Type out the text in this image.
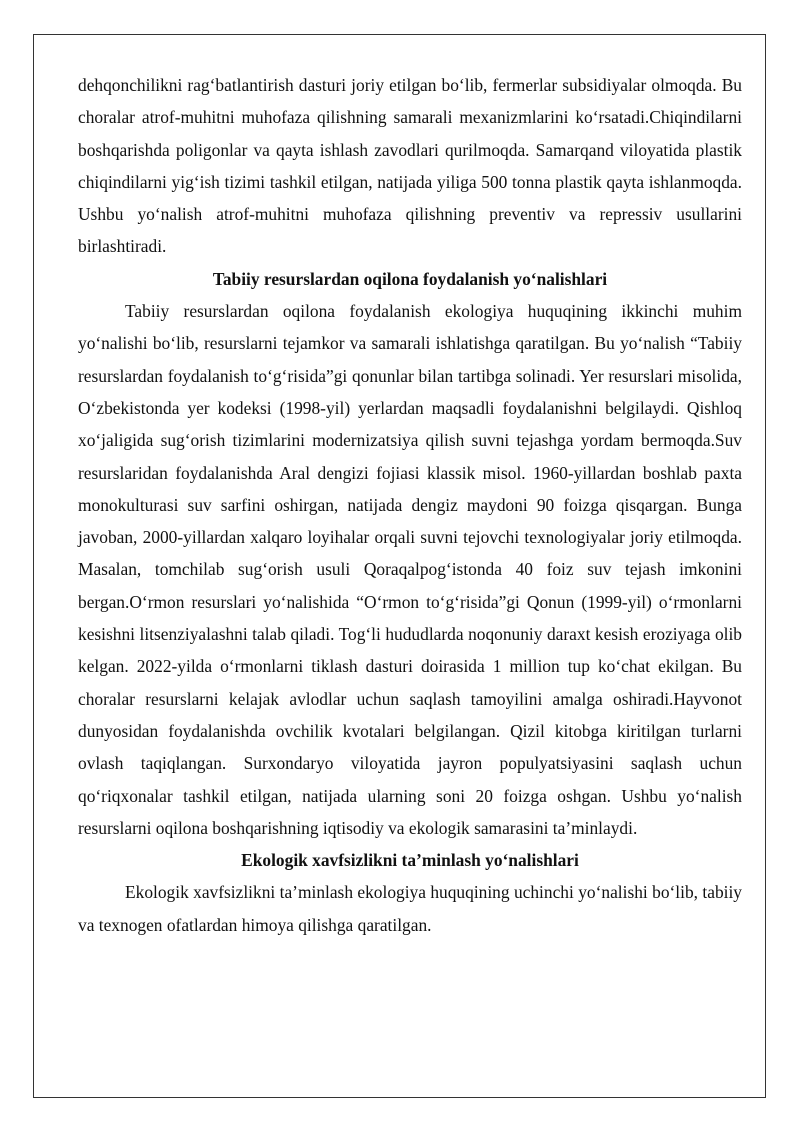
dehqonchilikni rag‘batlantirish dasturi joriy etilgan bo‘lib, fermerlar subsidiyalar olmoqda. Bu choralar atrof-muhitni muhofaza qilishning samarali mexanizmlarini ko‘rsatadi.Chiqindilarni boshqarishda poligonlar va qayta ishlash zavodlari qurilmoqda. Samarqand viloyatida plastik chiqindilarni yig‘ish tizimi tashkil etilgan, natijada yiliga 500 tonna plastik qayta ishlanmoqda. Ushbu yo‘nalish atrof-muhitni muhofaza qilishning preventiv va repressiv usullarini birlashtiradi.

Tabiiy resurslardan oqilona foydalanish yo‘nalishlari

Tabiiy resurslardan oqilona foydalanish ekologiya huquqining ikkinchi muhim yo‘nalishi bo‘lib, resurslarni tejamkor va samarali ishlatishga qaratilgan. Bu yo‘nalish “Tabiiy resurslardan foydalanish to‘g‘risida”gi qonunlar bilan tartibga solinadi. Yer resurslari misolida, O‘zbekistonda yer kodeksi (1998-yil) yerlardan maqsadli foydalanishni belgilaydi. Qishloq xo‘jaligida sug‘orish tizimlarini modernizatsiya qilish suvni tejashga yordam bermoqda.Suv resurslaridan foydalanishda Aral dengizi fojiasi klassik misol. 1960-yillardan boshlab paxta monokulturasi suv sarfini oshirgan, natijada dengiz maydoni 90 foizga qisqargan. Bunga javoban, 2000-yillardan xalqaro loyihalar orqali suvni tejovchi texnologiyalar joriy etilmoqda. Masalan, tomchilab sug‘orish usuli Qoraqalpog‘istonda 40 foiz suv tejash imkonini bergan.O‘rmon resurslari yo‘nalishida “O‘rmon to‘g‘risida”gi Qonun (1999-yil) o‘rmonlarni kesishni litsenziyalashni talab qiladi. Tog‘li hududlarda noqonuniy daraxt kesish eroziyaga olib kelgan. 2022-yilda o‘rmonlarni tiklash dasturi doirasida 1 million tup ko‘chat ekilgan. Bu choralar resurslarni kelajak avlodlar uchun saqlash tamoyilini amalga oshiradi.Hayvonot dunyosidan foydalanishda ovchilik kvotalari belgilangan. Qizil kitobga kiritilgan turlarni ovlash taqiqlangan. Surxondaryo viloyatida jayron populyatsiyasini saqlash uchun qo‘riqxonalar tashkil etilgan, natijada ularning soni 20 foizga oshgan. Ushbu yo‘nalish resurslarni oqilona boshqarishning iqtisodiy va ekologik samarasini ta’minlaydi.

Ekologik xavfsizlikni ta’minlash yo‘nalishlari

Ekologik xavfsizlikni ta’minlash ekologiya huquqining uchinchi yo‘nalishi bo‘lib, tabiiy va texnogen ofatlardan himoya qilishga qaratilgan.
